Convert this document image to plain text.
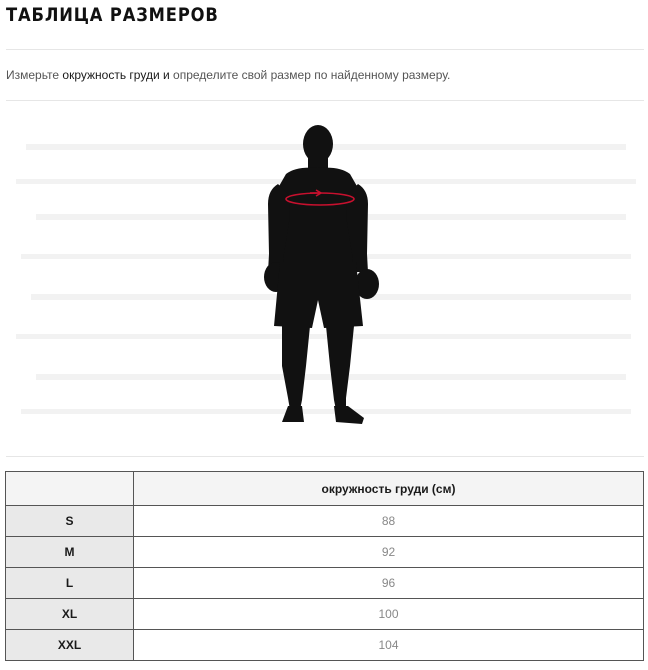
ТАБЛИЦА РАЗМЕРОВ
Измерьте окружность груди и определите свой размер по найденному размеру.
	окружность груди (см)
S	88
M	92
L	96
XL	100
XXL	104
